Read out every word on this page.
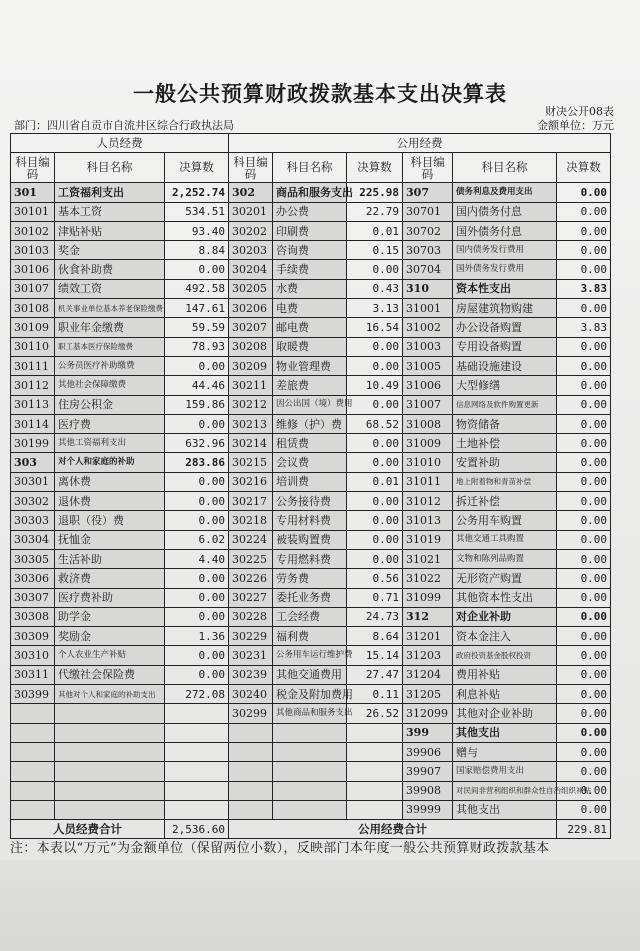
一般公共预算财政拨款基本支出决算表
财决公开08表
金额单位：万元
部门：四川省自贡市自流井区综合行政执法局
人员经费			公用经费					
科目编码	科目名称	决算数	科目编码	科目名称	决算数	科目编码	科目名称	决算数
301	工资福利支出	2,252.74	302	商品和服务支出	225.98	307	债务利息及费用支出	0.00
30101	基本工资	534.51	30201	办公费	22.79	30701	国内债务付息	0.00
30102	津贴补贴	93.40	30202	印刷费	0.01	30702	国外债务付息	0.00
30103	奖金	8.84	30203	咨询费	0.15	30703	国内债务发行费用	0.00
30106	伙食补助费	0.00	30204	手续费	0.00	30704	国外债务发行费用	0.00
30107	绩效工资	492.58	30205	水费	0.43	310	资本性支出	3.83
30108	机关事业单位基本养老保险缴费	147.61	30206	电费	3.13	31001	房屋建筑物购建	0.00
30109	职业年金缴费	59.59	30207	邮电费	16.54	31002	办公设备购置	3.83
30110	职工基本医疗保险缴费	78.93	30208	取暖费	0.00	31003	专用设备购置	0.00
30111	公务员医疗补助缴费	0.00	30209	物业管理费	0.00	31005	基础设施建设	0.00
30112	其他社会保障缴费	44.46	30211	差旅费	10.49	31006	大型修缮	0.00
30113	住房公积金	159.86	30212	因公出国（境）费用	0.00	31007	信息网络及软件购置更新	0.00
30114	医疗费	0.00	30213	维修（护）费	68.52	31008	物资储备	0.00
30199	其他工资福利支出	632.96	30214	租赁费	0.00	31009	土地补偿	0.00
303	对个人和家庭的补助	283.86	30215	会议费	0.00	31010	安置补助	0.00
30301	离休费	0.00	30216	培训费	0.01	31011	地上附着物和青苗补偿	0.00
30302	退休费	0.00	30217	公务接待费	0.00	31012	拆迁补偿	0.00
30303	退职（役）费	0.00	30218	专用材料费	0.00	31013	公务用车购置	0.00
30304	抚恤金	6.02	30224	被装购置费	0.00	31019	其他交通工具购置	0.00
30305	生活补助	4.40	30225	专用燃料费	0.00	31021	文物和陈列品购置	0.00
30306	救济费	0.00	30226	劳务费	0.56	31022	无形资产购置	0.00
30307	医疗费补助	0.00	30227	委托业务费	0.71	31099	其他资本性支出	0.00
30308	助学金	0.00	30228	工会经费	24.73	312	对企业补助	0.00
30309	奖励金	1.36	30229	福利费	8.64	31201	资本金注入	0.00
30310	个人农业生产补贴	0.00	30231	公务用车运行维护费	15.14	31203	政府投资基金股权投资	0.00
30311	代缴社会保险费	0.00	30239	其他交通费用	27.47	31204	费用补贴	0.00
30399	其他对个人和家庭的补助支出	272.08	30240	税金及附加费用	0.11	31205	利息补贴	0.00
			30299	其他商品和服务支出	26.52	312099	其他对企业补助	0.00
						399	其他支出	0.00
						39906	赠与	0.00
						39907	国家赔偿费用支出	0.00
						39908	对民间非营利组织和群众性自治组织补贴	0.00
						39999	其他支出	0.00
人员经费合计		2,536.60	公用经费合计					229.81
注：本表以“万元”为金额单位（保留两位小数），反映部门本年度一般公共预算财政拨款基本
